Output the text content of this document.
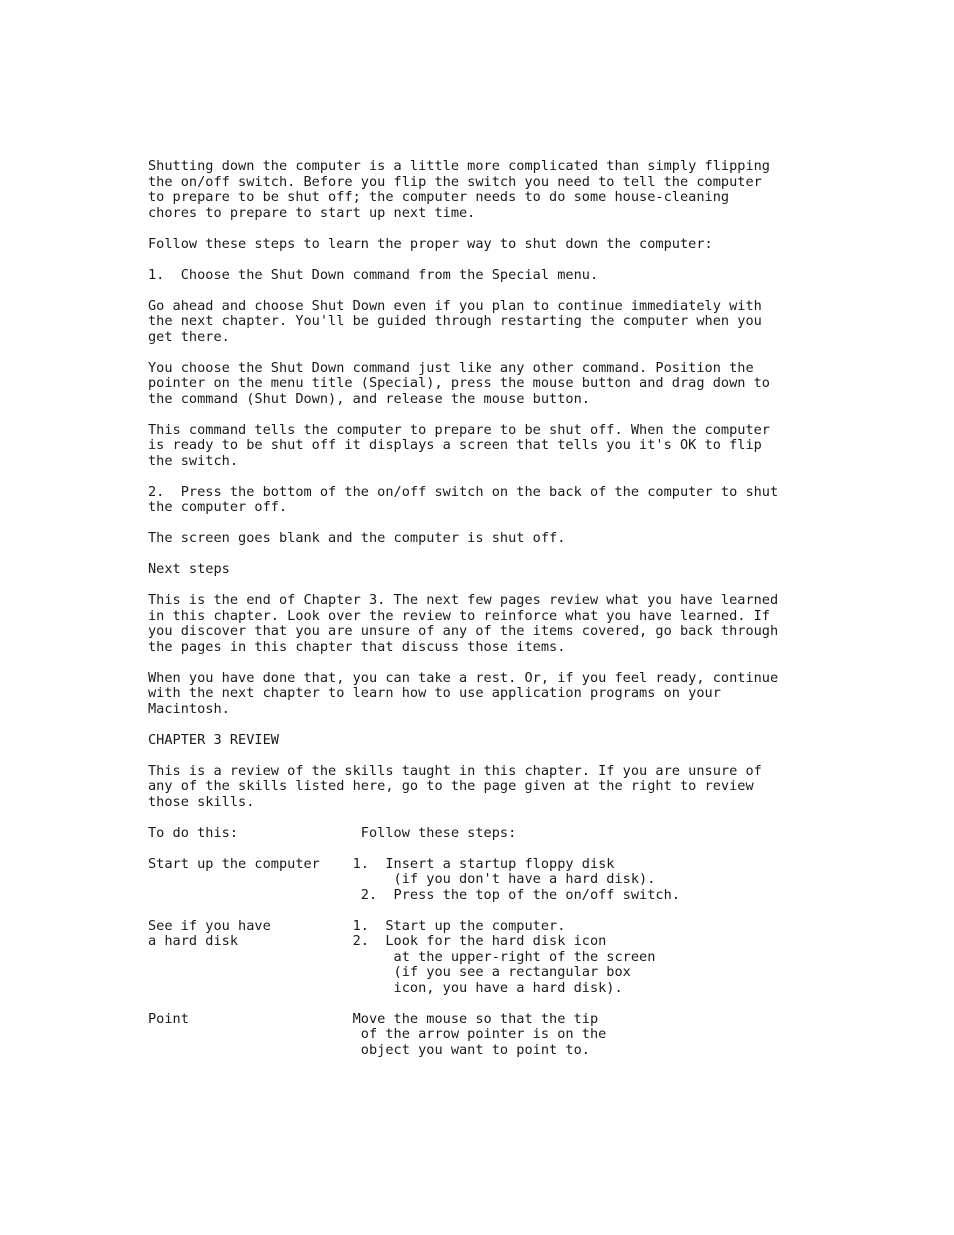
Shutting down the computer is a little more complicated than simply flipping
the on/off switch. Before you flip the switch you need to tell the computer
to prepare to be shut off; the computer needs to do some house-cleaning
chores to prepare to start up next time.
Follow these steps to learn the proper way to shut down the computer:
1.  Choose the Shut Down command from the Special menu.
Go ahead and choose Shut Down even if you plan to continue immediately with
the next chapter. You'll be guided through restarting the computer when you
get there.
You choose the Shut Down command just like any other command. Position the
pointer on the menu title (Special), press the mouse button and drag down to
the command (Shut Down), and release the mouse button.
This command tells the computer to prepare to be shut off. When the computer
is ready to be shut off it displays a screen that tells you it's OK to flip
the switch.
2.  Press the bottom of the on/off switch on the back of the computer to shut
the computer off.
The screen goes blank and the computer is shut off.
Next steps
This is the end of Chapter 3. The next few pages review what you have learned
in this chapter. Look over the review to reinforce what you have learned. If
you discover that you are unsure of any of the items covered, go back through
the pages in this chapter that discuss those items.
When you have done that, you can take a rest. Or, if you feel ready, continue
with the next chapter to learn how to use application programs on your
Macintosh.
CHAPTER 3 REVIEW
This is a review of the skills taught in this chapter. If you are unsure of
any of the skills listed here, go to the page given at the right to review
those skills.
To do this:               Follow these steps:
Start up the computer    1.  Insert a startup floppy disk
(if you don't have a hard disk).
2.  Press the top of the on/off switch.
See if you have          1.  Start up the computer.
a hard disk              2.  Look for the hard disk icon
at the upper-right of the screen
(if you see a rectangular box
icon, you have a hard disk).
Point                    Move the mouse so that the tip
of the arrow pointer is on the
object you want to point to.
